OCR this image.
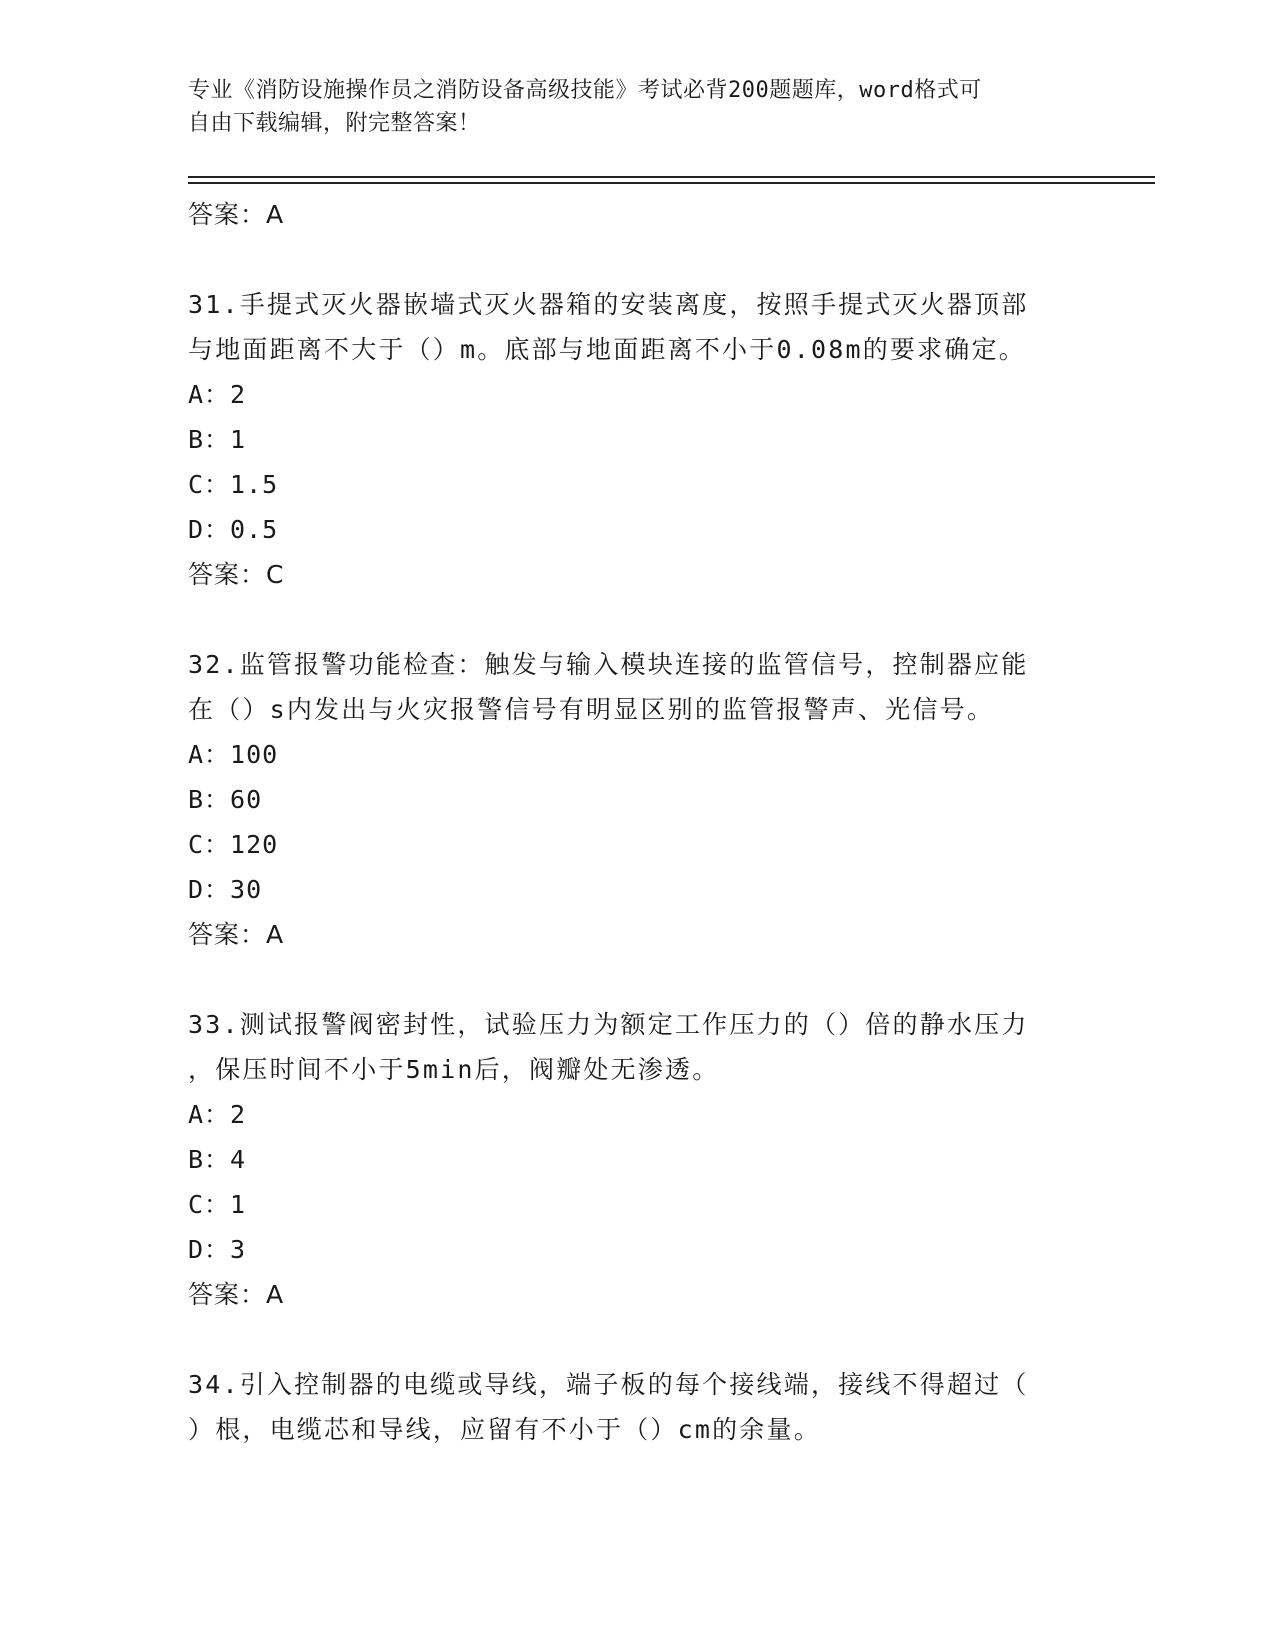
专业《消防设施操作员之消防设备高级技能》考试必背200题题库，word格式可
自由下载编辑，附完整答案！
答案：A
31.手提式灭火器嵌墙式灭火器箱的安装离度，按照手提式灭火器顶部
与地面距离不大于（）m。底部与地面距离不小于0.08m的要求确定。
A：2
B：1
C：1.5
D：0.5
答案：C
32.监管报警功能检查：触发与输入模块连接的监管信号，控制器应能
在（）s内发出与火灾报警信号有明显区别的监管报警声、光信号。
A：100
B：60
C：120
D：30
答案：A
33.测试报警阀密封性，试验压力为额定工作压力的（）倍的静水压力
，保压时间不小于5min后，阀瓣处无渗透。
A：2
B：4
C：1
D：3
答案：A
34.引入控制器的电缆或导线，端子板的每个接线端，接线不得超过（
）根，电缆芯和导线，应留有不小于（）cm的余量。
